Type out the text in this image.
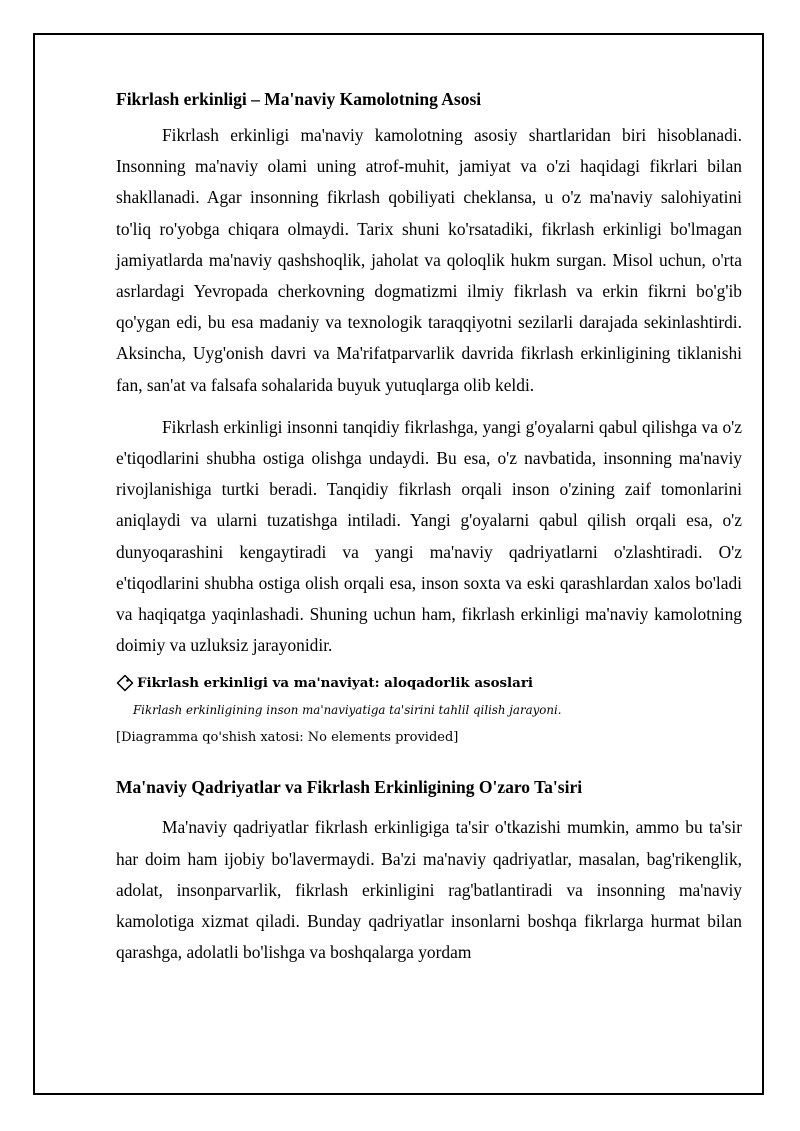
Fikrlash erkinligi – Ma'naviy Kamolotning Asosi

Fikrlash erkinligi ma'naviy kamolotning asosiy shartlaridan biri hisoblanadi. Insonning ma'naviy olami uning atrof-muhit, jamiyat va o'zi haqidagi fikrlari bilan shakllanadi. Agar insonning fikrlash qobiliyati cheklansa, u o'z ma'naviy salohiyatini to'liq ro'yobga chiqara olmaydi. Tarix shuni ko'rsatadiki, fikrlash erkinligi bo'lmagan jamiyatlarda ma'naviy qashshoqlik, jaholat va qoloqlik hukm surgan. Misol uchun, o'rta asrlardagi Yevropada cherkovning dogmatizmi ilmiy fikrlash va erkin fikrni bo'g'ib qo'ygan edi, bu esa madaniy va texnologik taraqqiyotni sezilarli darajada sekinlashtirdi. Aksincha, Uyg'onish davri va Ma'rifatparvarlik davrida fikrlash erkinligining tiklanishi fan, san'at va falsafa sohalarida buyuk yutuqlarga olib keldi.

Fikrlash erkinligi insonni tanqidiy fikrlashga, yangi g'oyalarni qabul qilishga va o'z e'tiqodlarini shubha ostiga olishga undaydi. Bu esa, o'z navbatida, insonning ma'naviy rivojlanishiga turtki beradi. Tanqidiy fikrlash orqali inson o'zining zaif tomonlarini aniqlaydi va ularni tuzatishga intiladi. Yangi g'oyalarni qabul qilish orqali esa, o'z dunyoqarashini kengaytiradi va yangi ma'naviy qadriyatlarni o'zlashtiradi. O'z e'tiqodlarini shubha ostiga olish orqali esa, inson soxta va eski qarashlardan xalos bo'ladi va haqiqatga yaqinlashadi. Shuning uchun ham, fikrlash erkinligi ma'naviy kamolotning doimiy va uzluksiz jarayonidir.

Fikrlash erkinligi va ma'naviyat: aloqadorlik asoslari
Fikrlash erkinligining inson ma'naviyatiga ta'sirini tahlil qilish jarayoni.
[Diagramma qo'shish xatosi: No elements provided]
Ma'naviy Qadriyatlar va Fikrlash Erkinligining O'zaro Ta'siri

Ma'naviy qadriyatlar fikrlash erkinligiga ta'sir o'tkazishi mumkin, ammo bu ta'sir har doim ham ijobiy bo'lavermaydi. Ba'zi ma'naviy qadriyatlar, masalan, bag'rikenglik, adolat, insonparvarlik, fikrlash erkinligini rag'batlantiradi va insonning ma'naviy kamolotiga xizmat qiladi. Bunday qadriyatlar insonlarni boshqa fikrlarga hurmat bilan qarashga, adolatli bo'lishga va boshqalarga yordam
